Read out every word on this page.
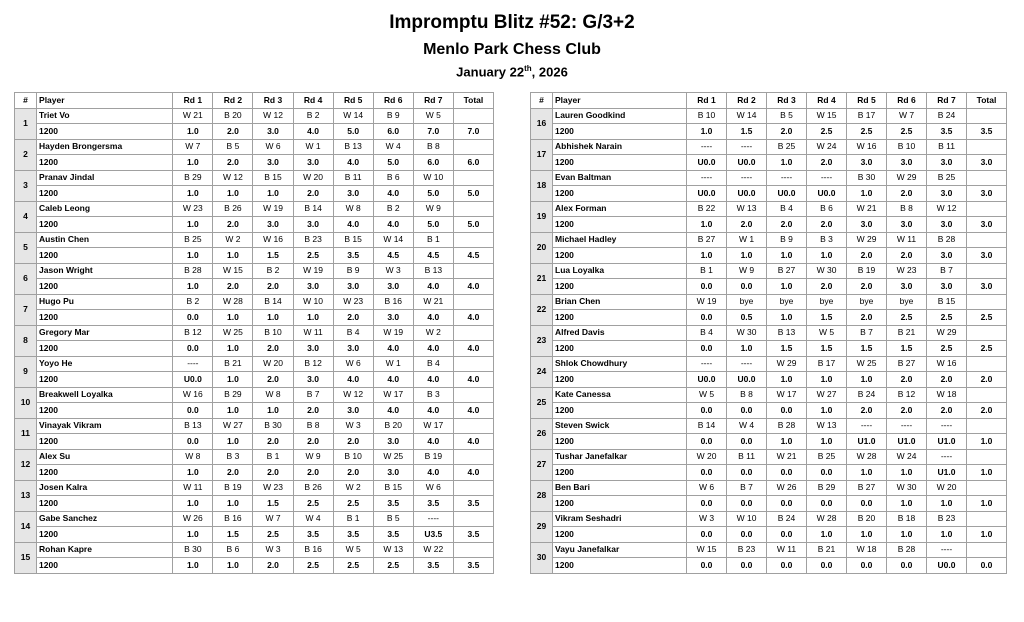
Impromptu Blitz #52: G/3+2
Menlo Park Chess Club
January 22th, 2026
#	Player	Rd 1	Rd 2	Rd 3	Rd 4	Rd 5	Rd 6	Rd 7	Total
1	Triet Vo	W 21	B 20	W 12	B 2	W 14	B 9	W 5	
	1200	1.0	2.0	3.0	4.0	5.0	6.0	7.0	7.0
2	Hayden Brongersma	W 7	B 5	W 6	W 1	B 13	W 4	B 8	
	1200	1.0	2.0	3.0	3.0	4.0	5.0	6.0	6.0
3	Pranav Jindal	B 29	W 12	B 15	W 20	B 11	B 6	W 10	
	1200	1.0	1.0	1.0	2.0	3.0	4.0	5.0	5.0
4	Caleb Leong	W 23	B 26	W 19	B 14	W 8	B 2	W 9	
	1200	1.0	2.0	3.0	3.0	4.0	4.0	5.0	5.0
5	Austin Chen	B 25	W 2	W 16	B 23	B 15	W 14	B 1	
	1200	1.0	1.0	1.5	2.5	3.5	4.5	4.5	4.5
6	Jason Wright	B 28	W 15	B 2	W 19	B 9	W 3	B 13	
	1200	1.0	2.0	2.0	3.0	3.0	3.0	4.0	4.0
7	Hugo Pu	B 2	W 28	B 14	W 10	W 23	B 16	W 21	
	1200	0.0	1.0	1.0	1.0	2.0	3.0	4.0	4.0
8	Gregory Mar	B 12	W 25	B 10	W 11	B 4	W 19	W 2	
	1200	0.0	1.0	2.0	3.0	3.0	4.0	4.0	4.0
9	Yoyo He	----	B 21	W 20	B 12	W 6	W 1	B 4	
	1200	U0.0	1.0	2.0	3.0	4.0	4.0	4.0	4.0
10	Breakwell Loyalka	W 16	B 29	W 8	B 7	W 12	W 17	B 3	
	1200	0.0	1.0	1.0	2.0	3.0	4.0	4.0	4.0
11	Vinayak Vikram	B 13	W 27	B 30	B 8	W 3	B 20	W 17	
	1200	0.0	1.0	2.0	2.0	2.0	3.0	4.0	4.0
12	Alex Su	W 8	B 3	B 1	W 9	B 10	W 25	B 19	
	1200	1.0	2.0	2.0	2.0	2.0	3.0	4.0	4.0
13	Josen Kalra	W 11	B 19	W 23	B 26	W 2	B 15	W 6	
	1200	1.0	1.0	1.5	2.5	2.5	3.5	3.5	3.5
14	Gabe Sanchez	W 26	B 16	W 7	W 4	B 1	B 5	----	
	1200	1.0	1.5	2.5	3.5	3.5	3.5	U3.5	3.5
15	Rohan Kapre	B 30	B 6	W 3	B 16	W 5	W 13	W 22	
	1200	1.0	1.0	2.0	2.5	2.5	2.5	3.5	3.5
#	Player	Rd 1	Rd 2	Rd 3	Rd 4	Rd 5	Rd 6	Rd 7	Total
16	Lauren Goodkind	B 10	W 14	B 5	W 15	B 17	W 7	B 24	
	1200	1.0	1.5	2.0	2.5	2.5	2.5	3.5	3.5
17	Abhishek Narain	----	----	B 25	W 24	W 16	B 10	B 11	
	1200	U0.0	U0.0	1.0	2.0	3.0	3.0	3.0	3.0
18	Evan Baltman	----	----	----	----	B 30	W 29	B 25	
	1200	U0.0	U0.0	U0.0	U0.0	1.0	2.0	3.0	3.0
19	Alex Forman	B 22	W 13	B 4	B 6	W 21	B 8	W 12	
	1200	1.0	2.0	2.0	2.0	3.0	3.0	3.0	3.0
20	Michael Hadley	B 27	W 1	B 9	B 3	W 29	W 11	B 28	
	1200	1.0	1.0	1.0	1.0	2.0	2.0	3.0	3.0
21	Lua Loyalka	B 1	W 9	B 27	W 30	B 19	W 23	B 7	
	1200	0.0	0.0	1.0	2.0	2.0	3.0	3.0	3.0
22	Brian Chen	W 19	bye	bye	bye	bye	bye	B 15	
	1200	0.0	0.5	1.0	1.5	2.0	2.5	2.5	2.5
23	Alfred Davis	B 4	W 30	B 13	W 5	B 7	B 21	W 29	
	1200	0.0	1.0	1.5	1.5	1.5	1.5	2.5	2.5
24	Shlok Chowdhury	----	----	W 29	B 17	W 25	B 27	W 16	
	1200	U0.0	U0.0	1.0	1.0	1.0	2.0	2.0	2.0
25	Kate Canessa	W 5	B 8	W 17	W 27	B 24	B 12	W 18	
	1200	0.0	0.0	0.0	1.0	2.0	2.0	2.0	2.0
26	Steven Swick	B 14	W 4	B 28	W 13	----	----	----	
	1200	0.0	0.0	1.0	1.0	U1.0	U1.0	U1.0	1.0
27	Tushar Janefalkar	W 20	B 11	W 21	B 25	W 28	W 24	----	
	1200	0.0	0.0	0.0	0.0	1.0	1.0	U1.0	1.0
28	Ben Bari	W 6	B 7	W 26	B 29	B 27	W 30	W 20	
	1200	0.0	0.0	0.0	0.0	0.0	1.0	1.0	1.0
29	Vikram Seshadri	W 3	W 10	B 24	W 28	B 20	B 18	B 23	
	1200	0.0	0.0	0.0	1.0	1.0	1.0	1.0	1.0
30	Vayu Janefalkar	W 15	B 23	W 11	B 21	W 18	B 28	----	
	1200	0.0	0.0	0.0	0.0	0.0	0.0	U0.0	0.0
